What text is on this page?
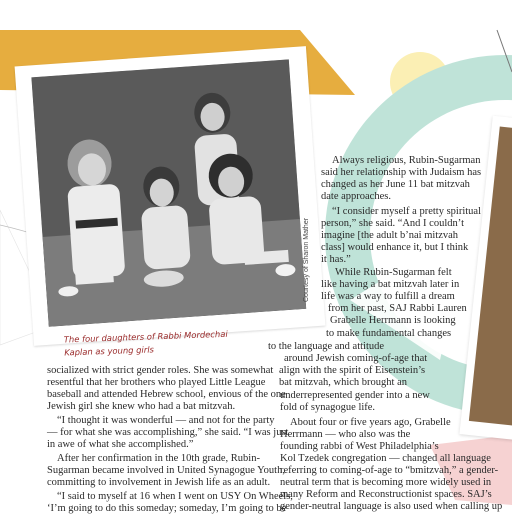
Courtesy of Sharon Mather
The four daughters of Rabbi Mordechai
Kaplan as young girls
Always religious, Rubin-Sugarman
said her relationship with Judaism has
changed as her June 11 bat mitzvah
date approaches.
“I consider myself a pretty spiritual
person,” she said. “And I couldn’t
imagine [the adult b’nai mitzvah
class] would enhance it, but I think
it has.”
While Rubin-Sugarman felt
like having a bat mitzvah later in
life was a way to fulfill a dream
from her past, SAJ Rabbi Lauren
Grabelle Herrmann is looking
to make fundamental changes
to the language and attitude
around Jewish coming-of-age that
align with the spirit of Eisenstein’s
bat mitzvah, which brought an
underrepresented gender into a new
fold of synagogue life.
About four or five years ago, Grabelle
Herrmann — who also was the
founding rabbi of West Philadelphia’s
Kol Tzedek congregation — changed all language
referring to coming-of-age to “bmitzvah,” a gender-
neutral term that is becoming more widely used in
many Reform and Reconstructionist spaces. SAJ’s
gender-neutral language is also used when calling up
socialized with strict gender roles. She was somewhat
resentful that her brothers who played Little League
baseball and attended Hebrew school, envious of the one
Jewish girl she knew who had a bat mitzvah.
“I thought it was wonderful — and not for the party
— for what she was accomplishing,” she said. “I was just
in awe of what she accomplished.”
After her confirmation in the 10th grade, Rubin-
Sugarman became involved in United Synagogue Youth,
committing to involvement in Jewish life as an adult.
“I said to myself at 16 when I went on USY On Wheels,
‘I’m going to do this someday; someday, I’m going to be
